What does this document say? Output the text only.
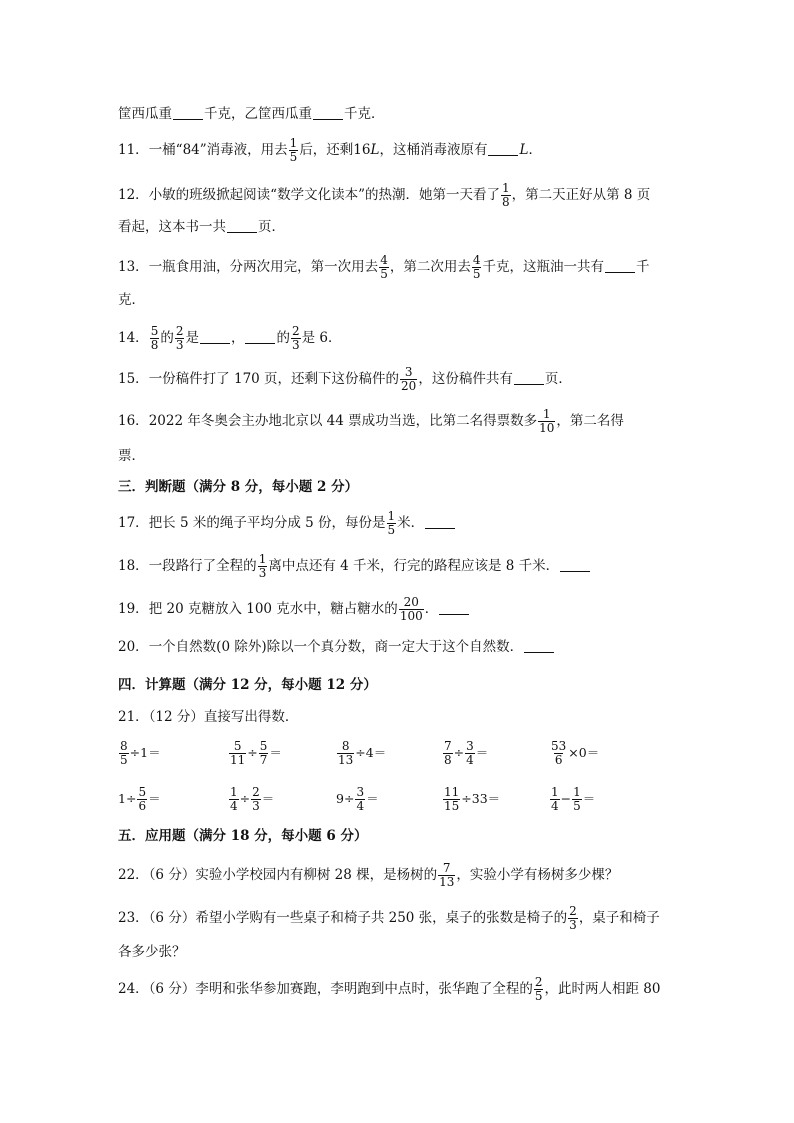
筐西瓜重 千克，乙筐西瓜重 千克．
11．一桶“84”消毒液，用去 $\frac{1}{5}$ 后，还剩16L，这桶消毒液原有 L．
12．小敏的班级掀起阅读“数学文化读本”的热潮．她第一天看了 $\frac{1}{8}$ ，第二天正好从第 8 页
看起，这本书一共 页．
13．一瓶食用油，分两次用完，第一次用去 $\frac{4}{5}$ ，第二次用去 $\frac{4}{5}$ 千克，这瓶油一共有 千
克．
14． $\frac{5}{8}$ 的 $\frac{2}{3}$ 是 ， 的 $\frac{2}{3}$ 是 6．
15．一份稿件打了 170 页，还剩下这份稿件的 $\frac{3}{20}$ ，这份稿件共有 页．
16．2022 年冬奥会主办地北京以 44 票成功当选，比第二名得票数多 $\frac{1}{10}$ ，第二名得
票．
三．判断题（满分 8 分，每小题 2 分）
17．把长 5 米的绳子平均分成 5 份，每份是 $\frac{1}{5}$ 米．
18．一段路行了全程的 $\frac{1}{3}$ 离中点还有 4 千米，行完的路程应该是 8 千米．
19．把 20 克糖放入 100 克水中，糖占糖水的 $\frac{20}{100}$ ．
20．一个自然数(0 除外)除以一个真分数，商一定大于这个自然数．
四．计算题（满分 12 分，每小题 12 分）
21．（12 分）直接写出得数．
$\frac{8}{5} \div 1=$	$\frac{5}{11} \div \frac{5}{7}$ ＝	$\frac{8}{13} \div 4=$	$\frac{7}{8} \div \frac{3}{4}$ ＝	$\frac{53}{6} \times 0=$
$1\div \frac{5}{6}$ ＝	$\frac{1}{4} \div \frac{2}{3}$ ＝	$9\div \frac{3}{4}$ ＝	$\frac{11}{15} \div 33=$	$\frac{1}{4} - \frac{1}{5}$ ＝
五．应用题（满分 18 分，每小题 6 分）
22．（6 分）实验小学校园内有柳树 28 棵，是杨树的 $\frac{7}{13}$ ，实验小学有杨树多少棵？
23．（6 分）希望小学购有一些桌子和椅子共 250 张，桌子的张数是椅子的 $\frac{2}{3}$ ，桌子和椅子
各多少张？
24．（6 分）李明和张华参加赛跑，李明跑到中点时，张华跑了全程的 $\frac{2}{5}$ ，此时两人相距 80
